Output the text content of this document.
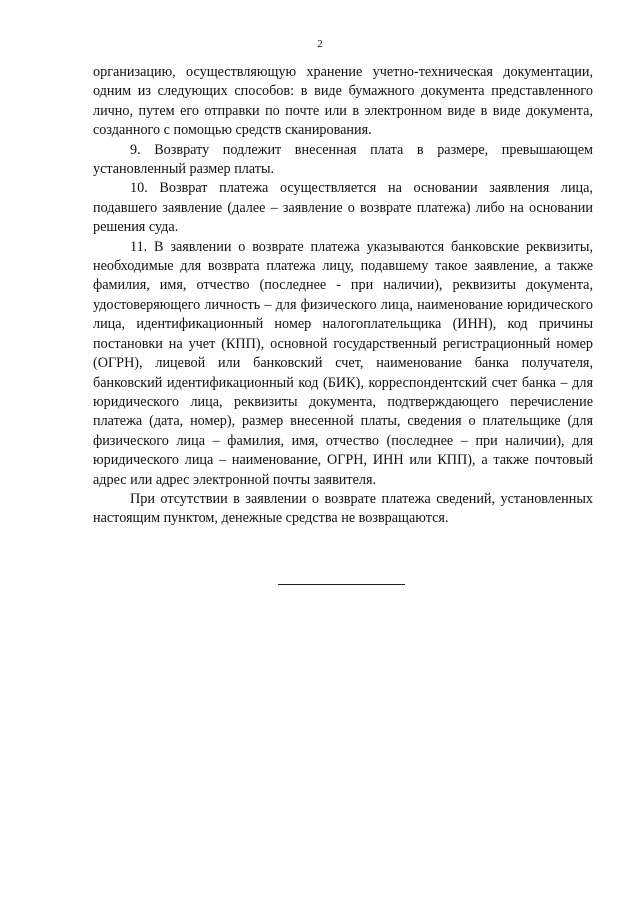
2

организацию, осуществляющую хранение учетно-техническая документации, одним из следующих способов: в виде бумажного документа представленного лично, путем его отправки по почте или в электронном виде в виде документа, созданного с помощью средств сканирования.

9. Возврату подлежит внесенная плата в размере, превышающем установленный размер платы.

10. Возврат платежа осуществляется на основании заявления лица, подавшего заявление (далее – заявление о возврате платежа) либо на основании решения суда.

11. В заявлении о возврате платежа указываются банковские реквизиты, необходимые для возврата платежа лицу, подавшему такое заявление, а также фамилия, имя, отчество (последнее - при наличии), реквизиты документа, удостоверяющего личность – для физического лица, наименование юридического лица, идентификационный номер налогоплательщика (ИНН), код причины постановки на учет (КПП), основной государственный регистрационный номер (ОГРН), лицевой или банковский счет, наименование банка получателя, банковский идентификационный код (БИК), корреспондентский счет банка – для юридического лица, реквизиты документа, подтверждающего перечисление платежа (дата, номер), размер внесенной платы, сведения о плательщике (для физического лица – фамилия, имя, отчество (последнее – при наличии), для юридического лица – наименование, ОГРН, ИНН или КПП), а также почтовый адрес или адрес электронной почты заявителя.

При отсутствии в заявлении о возврате платежа сведений, установленных настоящим пунктом, денежные средства не возвращаются.
